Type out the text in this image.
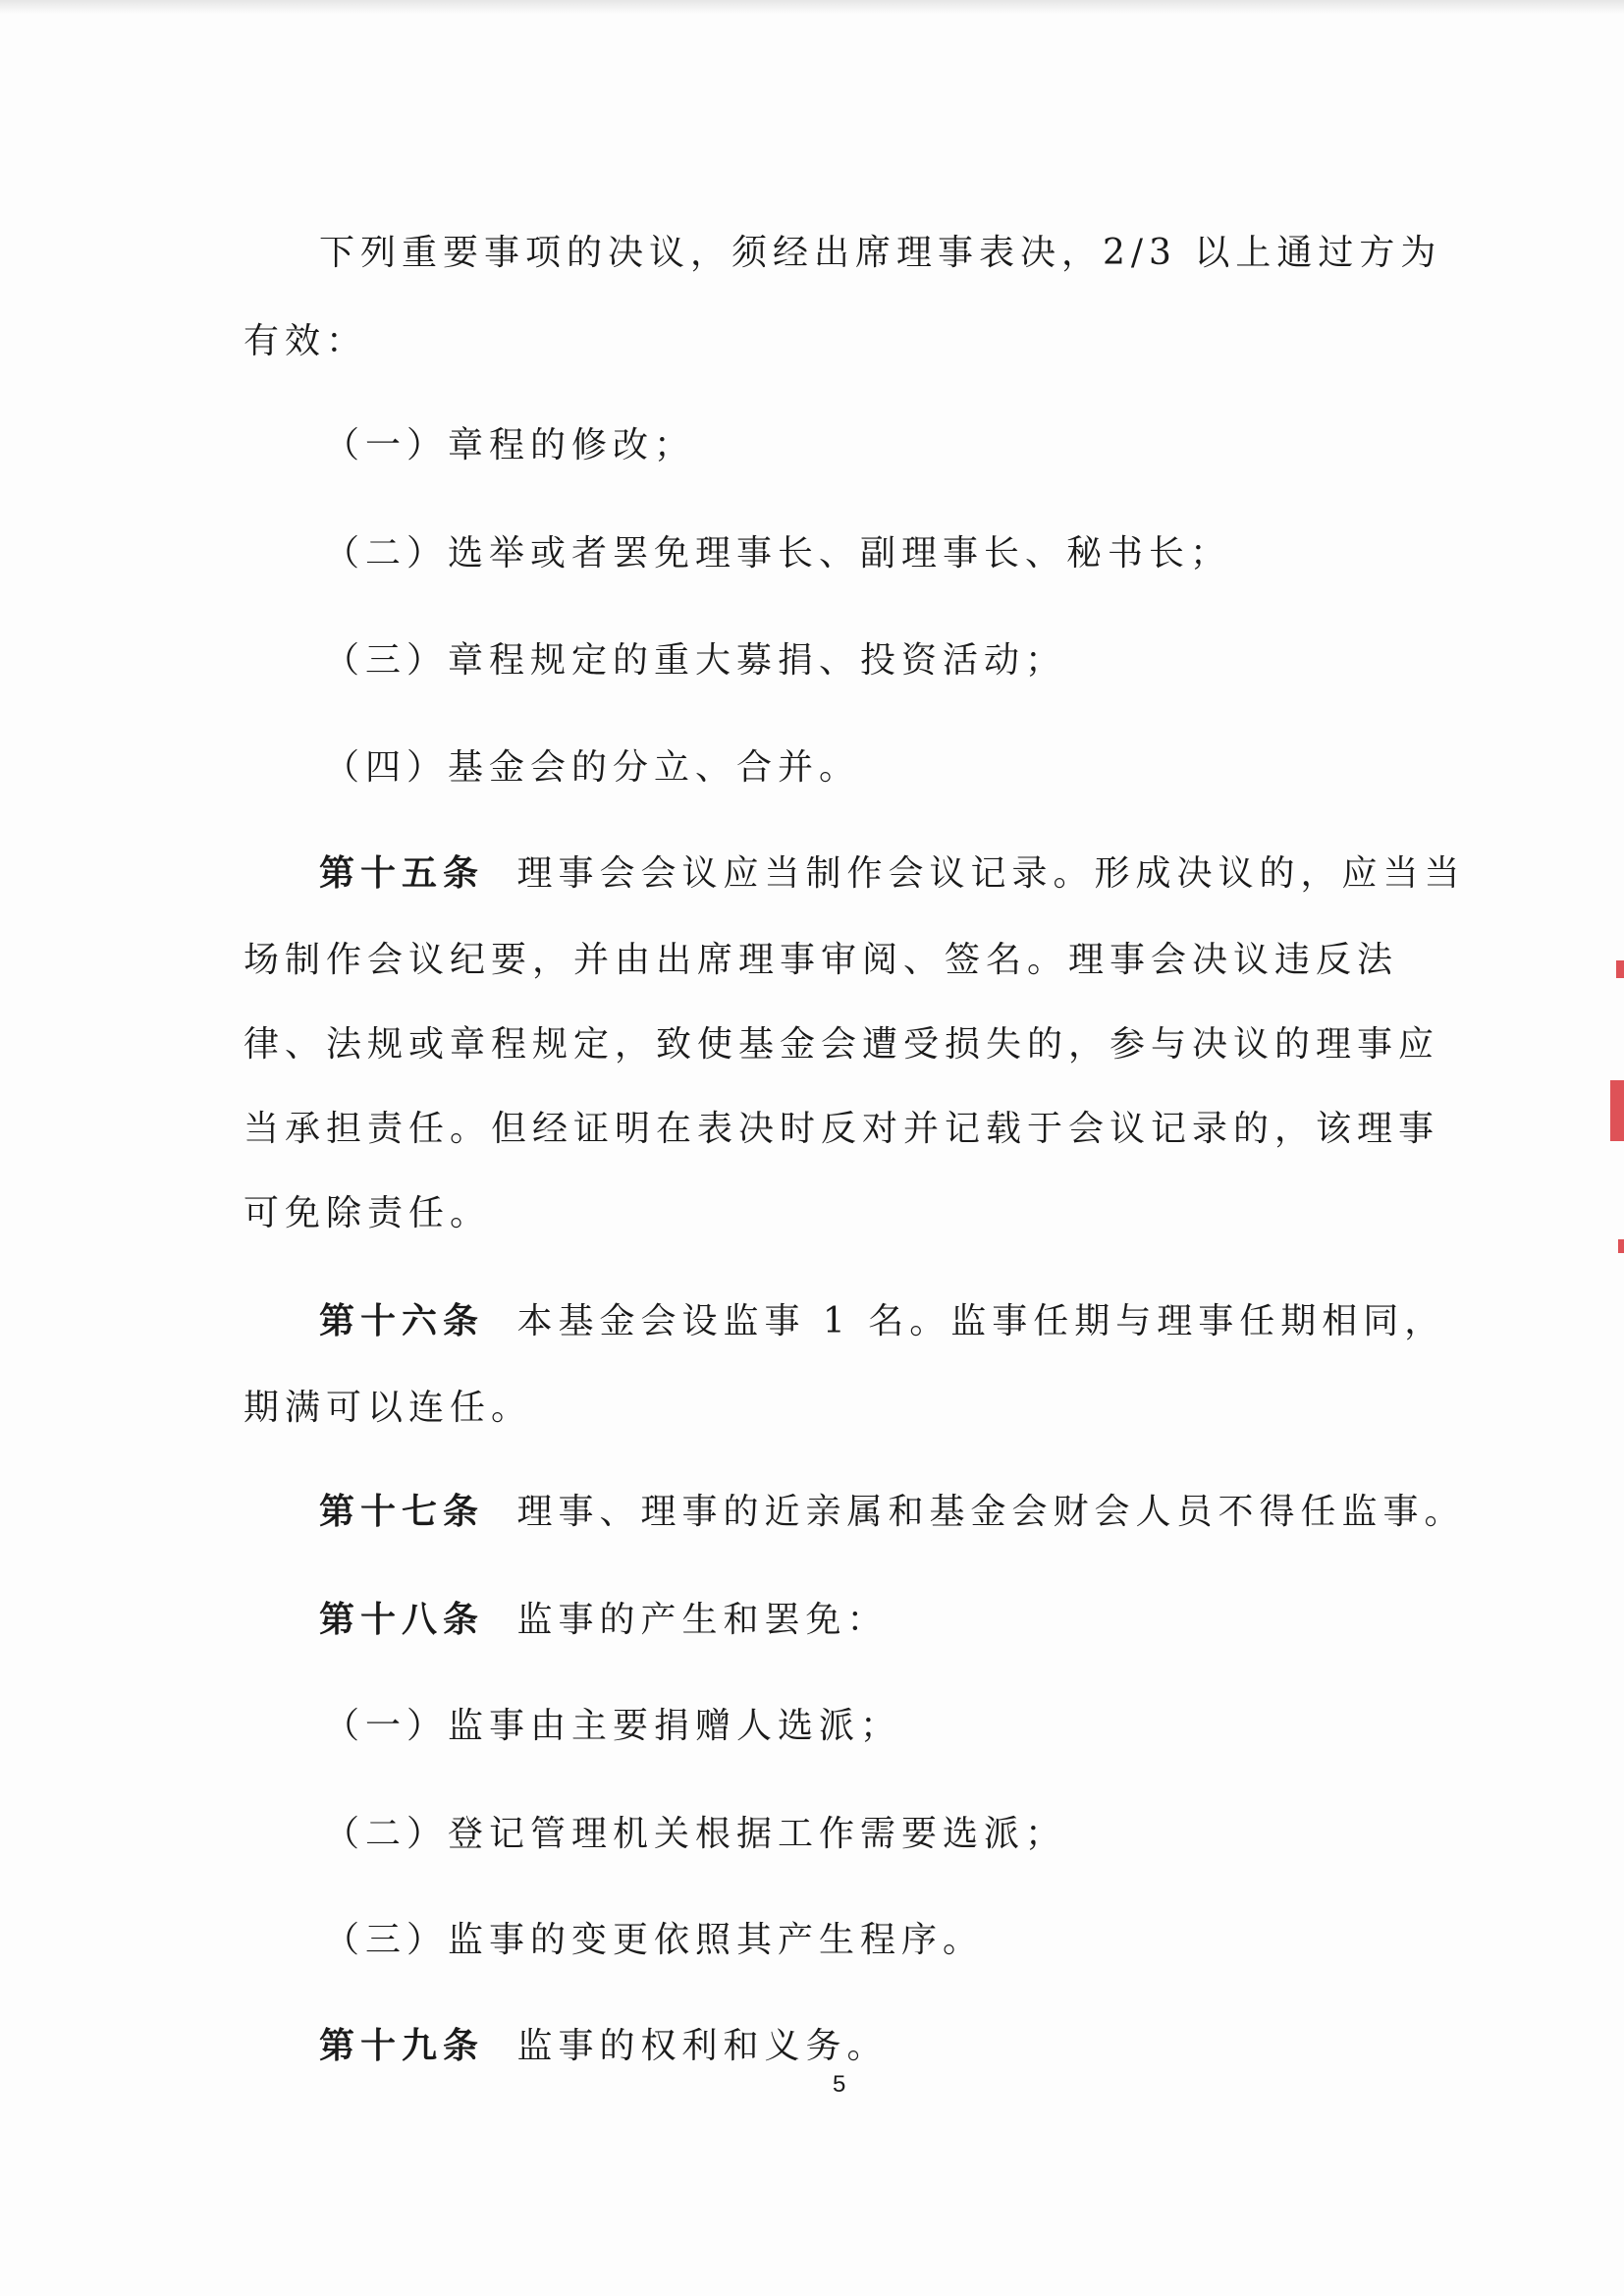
下列重要事项的决议，须经出席理事表决，2/3 以上通过方为
有效：
（一）章程的修改；
（二）选举或者罢免理事长、副理事长、秘书长；
（三）章程规定的重大募捐、投资活动；
（四）基金会的分立、合并。
第十五条 理事会会议应当制作会议记录。形成决议的，应当当
场制作会议纪要，并由出席理事审阅、签名。理事会决议违反法
律、法规或章程规定，致使基金会遭受损失的，参与决议的理事应
当承担责任。但经证明在表决时反对并记载于会议记录的，该理事
可免除责任。
第十六条 本基金会设监事 1 名。监事任期与理事任期相同，
期满可以连任。
第十七条 理事、理事的近亲属和基金会财会人员不得任监事。
第十八条 监事的产生和罢免：
（一）监事由主要捐赠人选派；
（二）登记管理机关根据工作需要选派；
（三）监事的变更依照其产生程序。
第十九条 监事的权利和义务。
5
